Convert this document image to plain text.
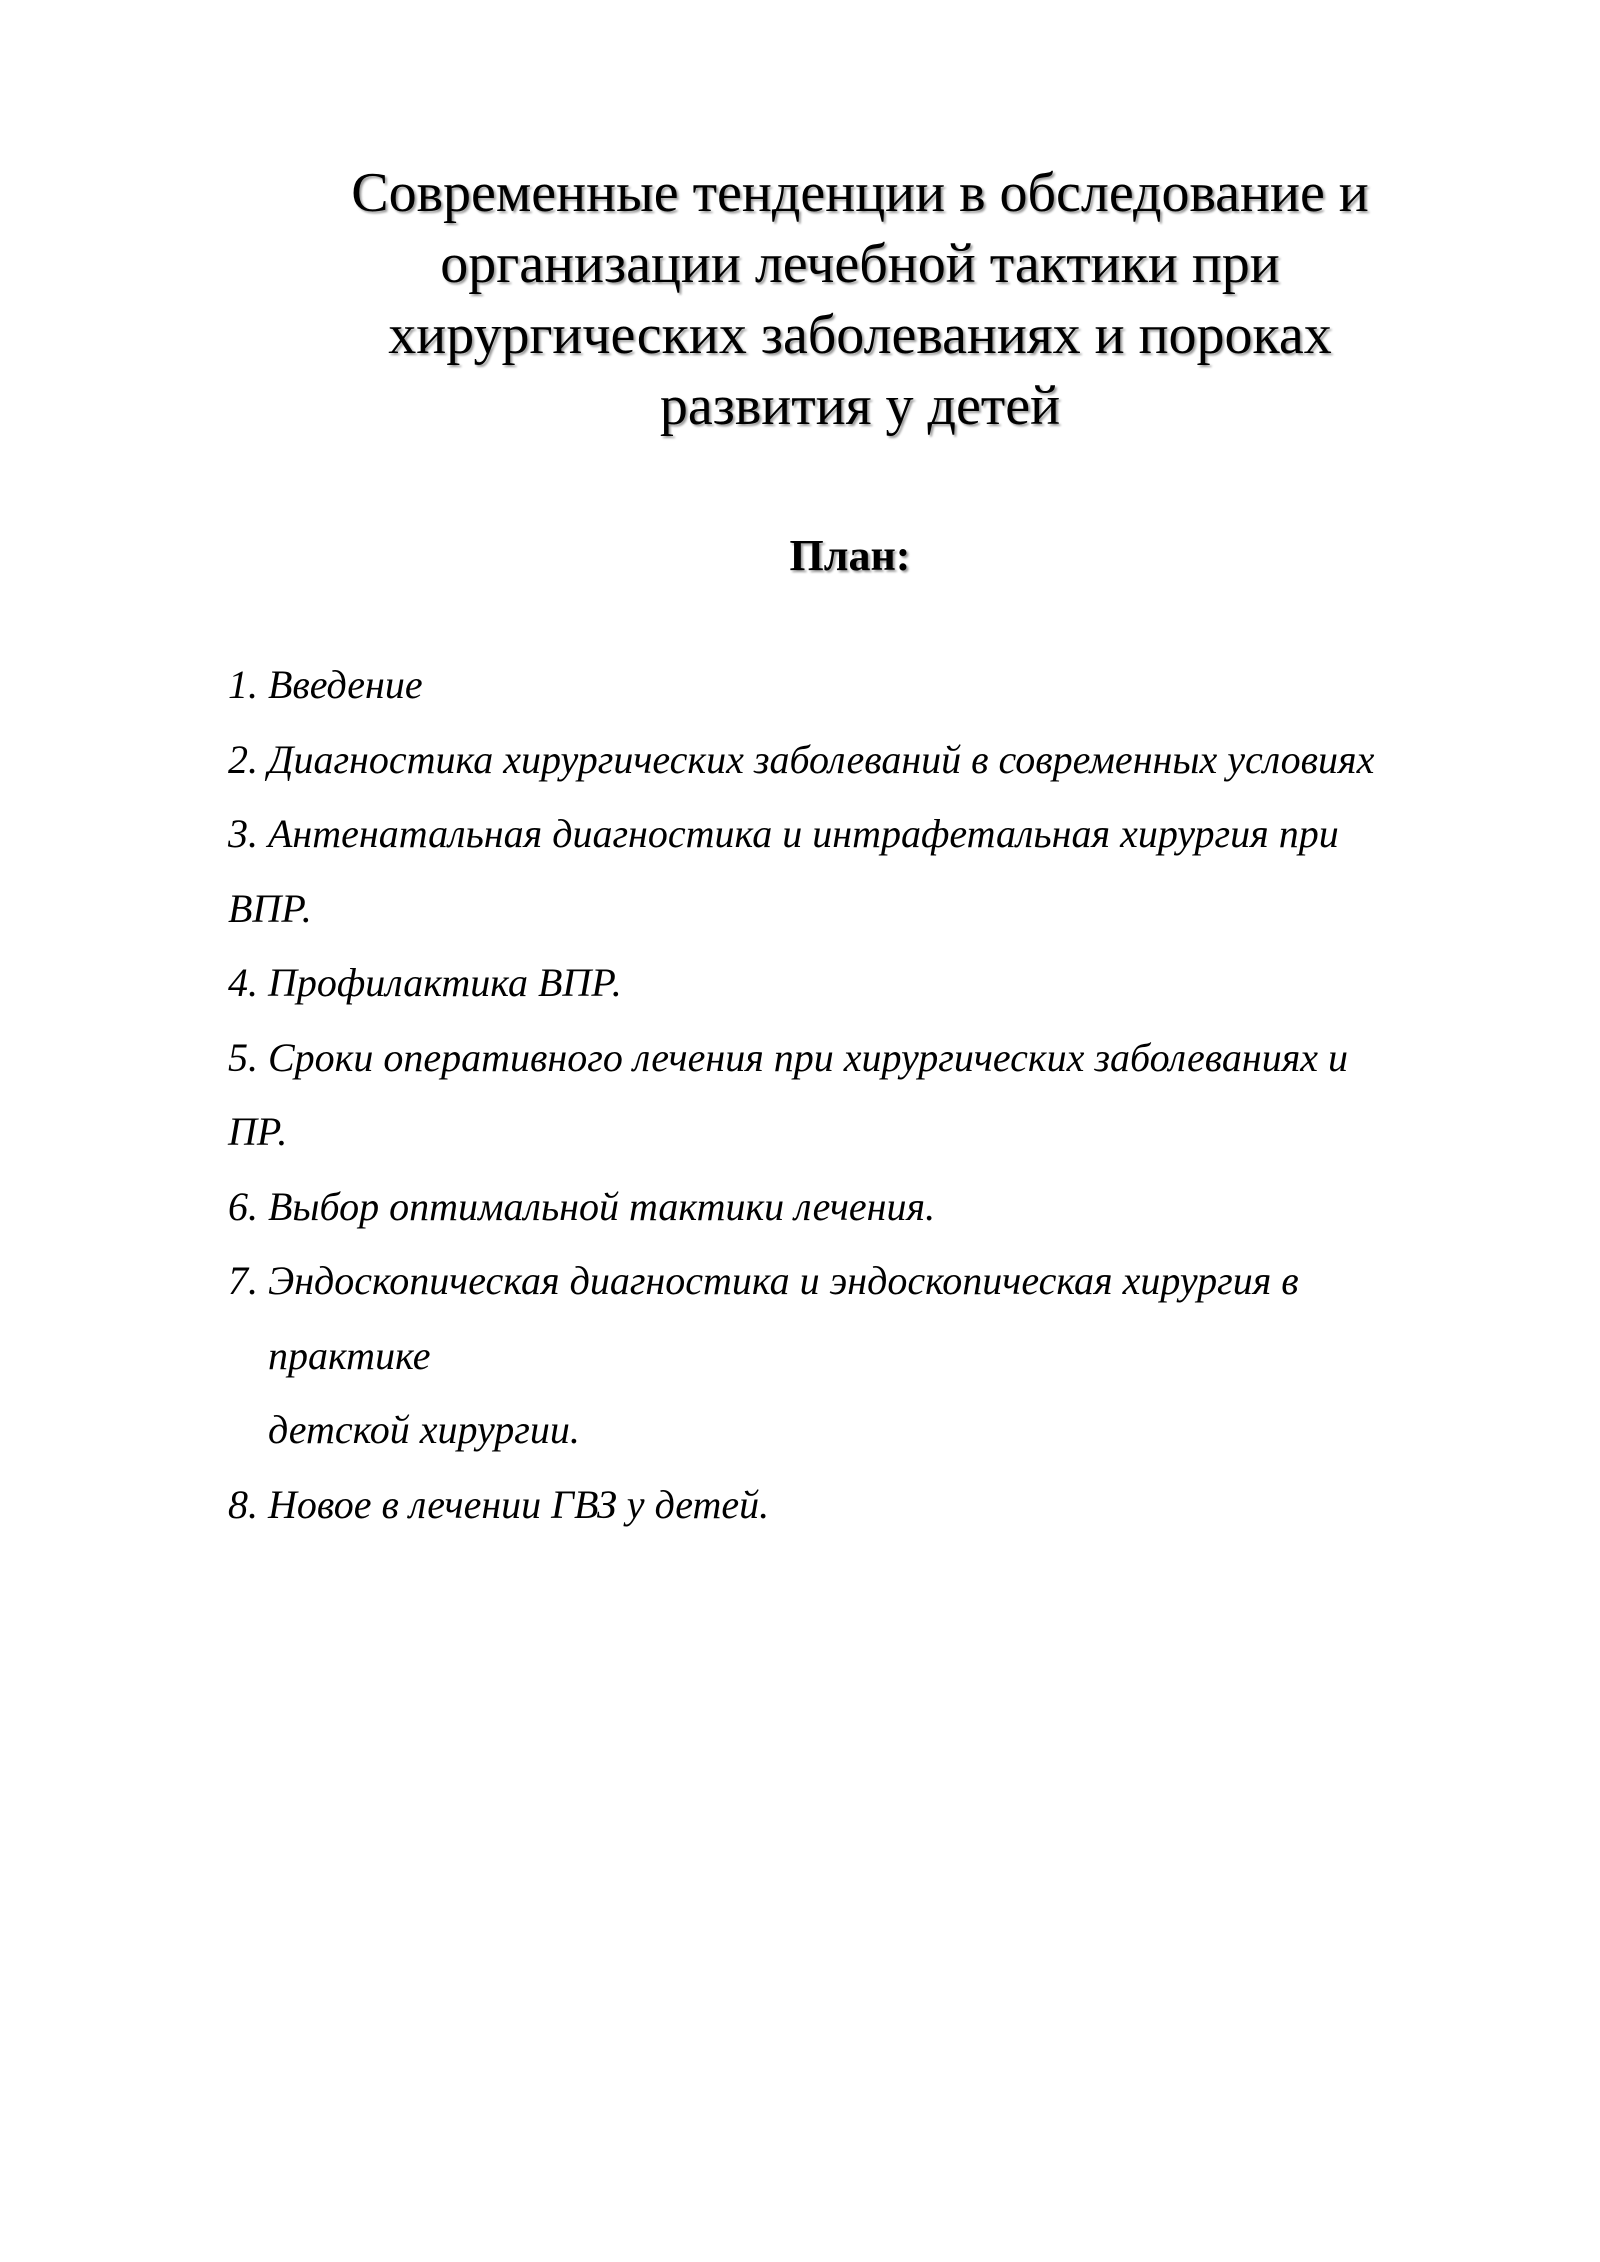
Современные тенденции в обследование и
организации лечебной тактики при
хирургических заболеваниях и пороках
развития у детей
План:
1. Введение
2. Диагностика хирургических заболеваний в современных условиях
3. Антенатальная диагностика и интрафетальная хирургия при
ВПР.
4. Профилактика ВПР.
5. Сроки оперативного лечения при хирургических заболеваниях и
ПР.
6. Выбор оптимальной тактики лечения.
7. Эндоскопическая диагностика и эндоскопическая хирургия в
практике
детской хирургии.
8. Новое в лечении ГВЗ у детей.
